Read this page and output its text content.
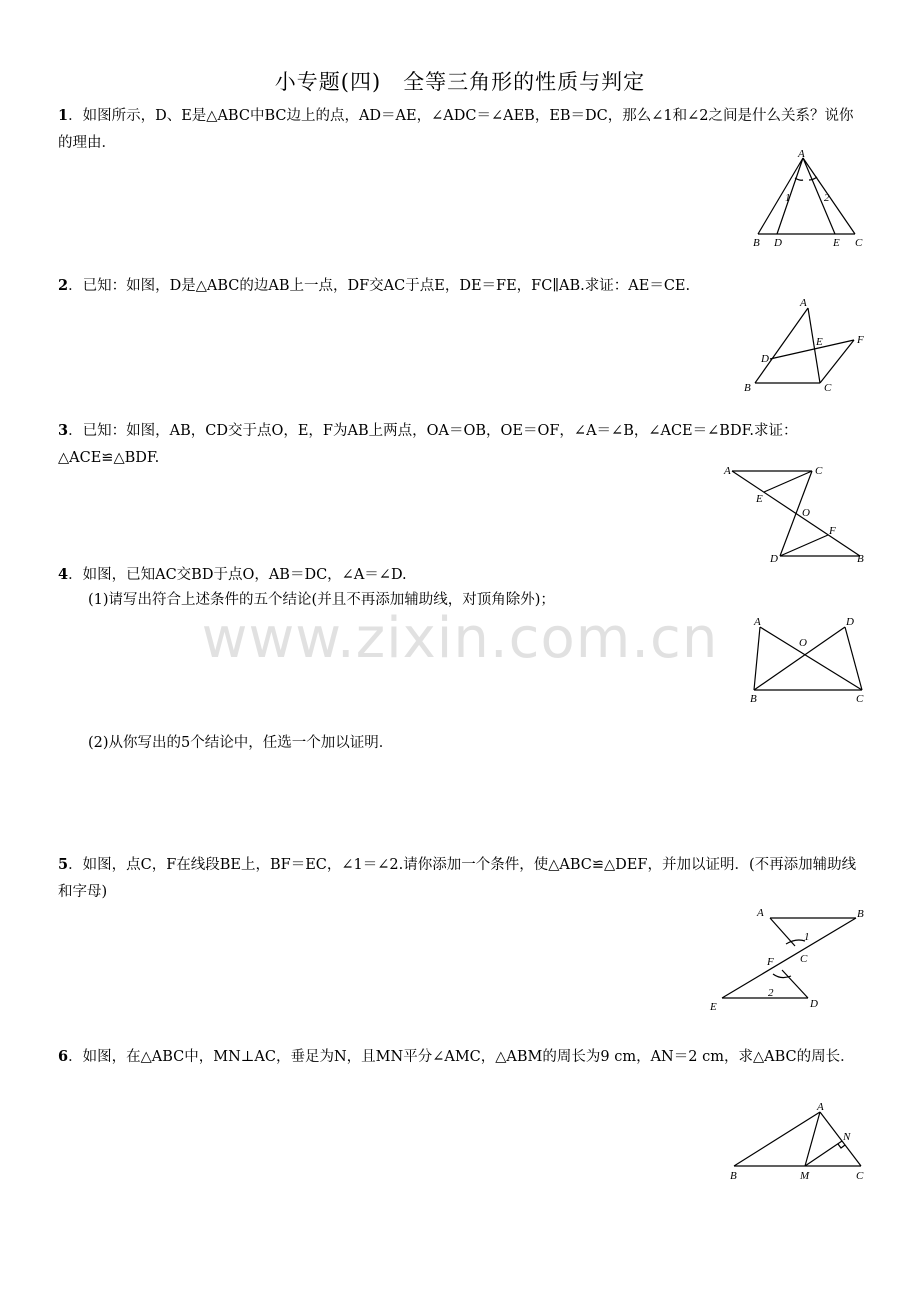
小专题(四)　全等三角形的性质与判定
1．如图所示，D、E是△ABC中BC边上的点，AD＝AE，∠ADC＝∠AEB，EB＝DC，那么∠1和∠2之间是什么关系？说你的理由．
A
1	2
B D	E C
2．已知：如图，D是△ABC的边AB上一点，DF交AC于点E，DE＝FE，FC∥AB.求证：AE＝CE.
A
D
E	F
B	C
3．已知：如图，AB，CD交于点O，E，F为AB上两点，OA＝OB，OE＝OF，∠A＝∠B，∠ACE＝∠BDF.求证：△ACE≌△BDF.
A	C
E
O
F
D	B
4．如图，已知AC交BD于点O，AB＝DC，∠A＝∠D.
(1)请写出符合上述条件的五个结论(并且不再添加辅助线，对顶角除外)；
A
O
D
B	C
(2)从你写出的5个结论中，任选一个加以证明．
5．如图，点C，F在线段BE上，BF＝EC，∠1＝∠2.请你添加一个条件，使△ABC≌△DEF，并加以证明．(不再添加辅助线和字母)
A	B
1
F C
E
2
D
6．如图，在△ABC中，MN⊥AC，垂足为N，且MN平分∠AMC，△ABM的周长为9 cm，AN＝2 cm，求△ABC的周长．
A
N
B	M	C
www.zixin.com.cn
